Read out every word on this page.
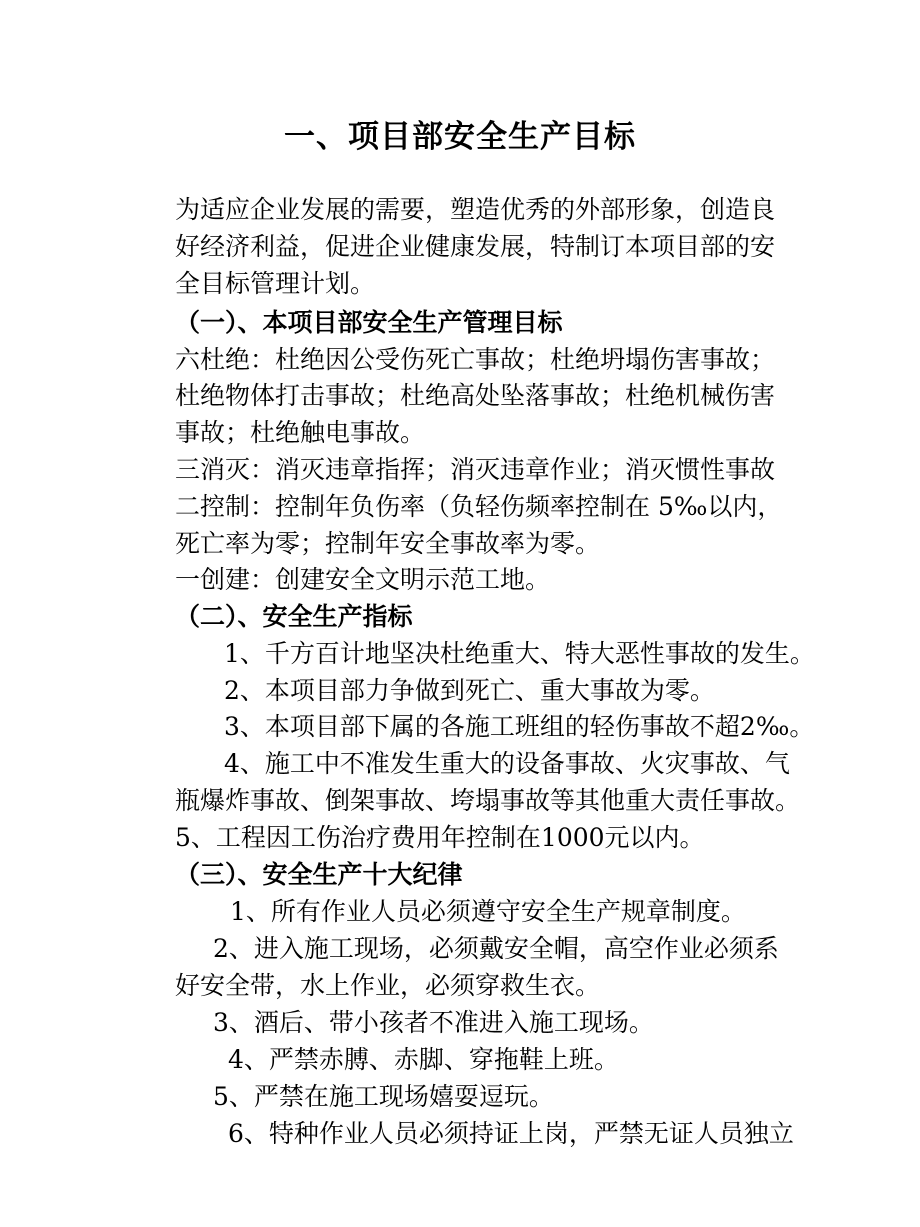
一、项目部安全生产目标

为适应企业发展的需要，塑造优秀的外部形象，创造良

好经济利益，促进企业健康发展，特制订本项目部的安

全目标管理计划。

（一）、本项目部安全生产管理目标

六杜绝：杜绝因公受伤死亡事故；杜绝坍塌伤害事故；

杜绝物体打击事故；杜绝高处坠落事故；杜绝机械伤害

事故；杜绝触电事故。

三消灭：消灭违章指挥；消灭违章作业；消灭惯性事故

二控制：控制年负伤率（负轻伤频率控制在 5‰以内，

死亡率为零；控制年安全事故率为零。

一创建：创建安全文明示范工地。

（二）、安全生产指标

1、千方百计地坚决杜绝重大、特大恶性事故的发生。

2、本项目部力争做到死亡、重大事故为零。

3、本项目部下属的各施工班组的轻伤事故不超2‰。

4、施工中不准发生重大的设备事故、火灾事故、气

瓶爆炸事故、倒架事故、垮塌事故等其他重大责任事故。

5、工程因工伤治疗费用年控制在1000元以内。

（三）、安全生产十大纪律

1、所有作业人员必须遵守安全生产规章制度。

2、进入施工现场，必须戴安全帽，高空作业必须系

好安全带，水上作业，必须穿救生衣。

3、酒后、带小孩者不准进入施工现场。

4、严禁赤膊、赤脚、穿拖鞋上班。

5、严禁在施工现场嬉耍逗玩。

6、特种作业人员必须持证上岗，严禁无证人员独立
